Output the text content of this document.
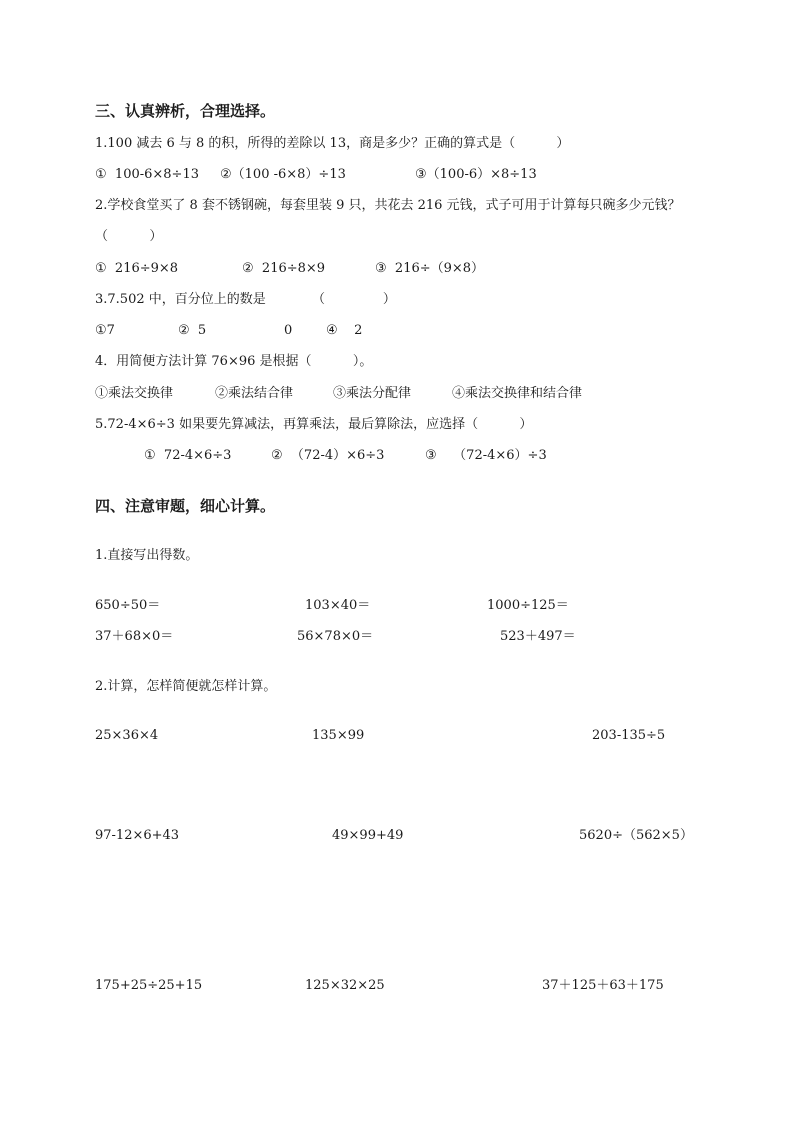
三、认真辨析，合理选择。
1.100 减去 6 与 8 的积，所得的差除以 13，商是多少？正确的算式是（          ）
①  100-6×8÷13 ②（100 -6×8）÷13	③（100-6）×8÷13
2.学校食堂买了 8 套不锈钢碗，每套里装 9 只，共花去 216 元钱，式子可用于计算每只碗多少元钱？
（          ）
①  216÷9×8	②  216÷8×9	③  216÷（9×8）
3.7.502 中，百分位上的数是	（              ）
①7	②  5	0	④    2
4．用简便方法计算 76×96 是根据（          ）。
①乘法交换律	②乘法结合律	③乘法分配律	④乘法交换律和结合律
5.72-4×6÷3 如果要先算减法，再算乘法，最后算除法，应选择（          ）
①  72-4×6÷3	②  （72-4）×6÷3	③    （72-4×6）÷3
四、注意审题，细心计算。
1.直接写出得数。
650÷50＝	103×40＝	1000÷125＝
37＋68×0＝	56×78×0＝	523＋497＝
2.计算，怎样简便就怎样计算。
25×36×4	135×99	203-135÷5
97-12×6+43	49×99+49	5620÷（562×5）
175+25÷25+15	125×32×25	37＋125＋63＋175
